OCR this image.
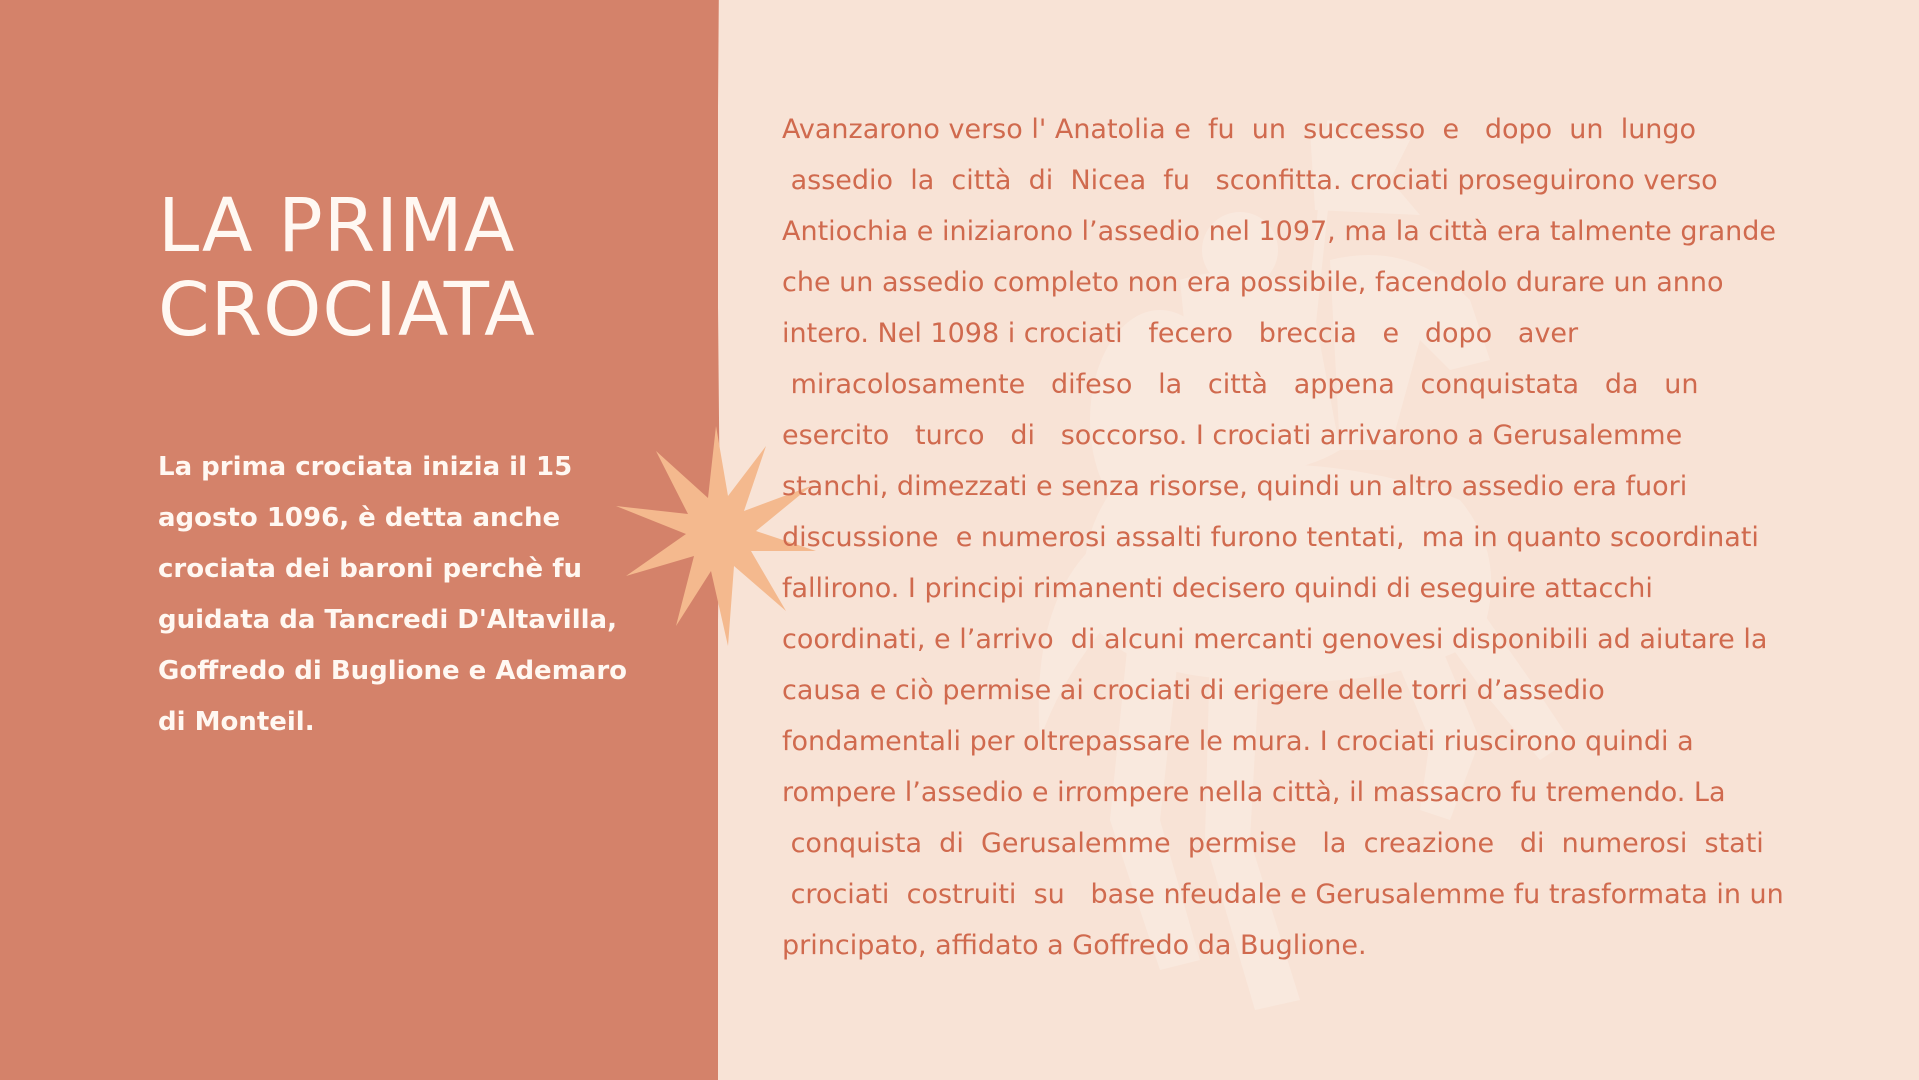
LA PRIMA
CROCIATA

La prima crociata inizia il 15
agosto 1096, è detta anche
crociata dei baroni perchè fu
guidata da Tancredi D'Altavilla,
Goffredo di Buglione e Ademaro
di Monteil.

Avanzarono verso l' Anatolia e  fu  un  successo  e   dopo  un  lungo
assedio  la  città  di  Nicea  fu   sconfitta. crociati proseguirono verso
Antiochia e iniziarono l’assedio nel 1097, ma la città era talmente grande
che un assedio completo non era possibile, facendolo durare un anno
intero. Nel 1098 i crociati   fecero   breccia   e   dopo   aver
miracolosamente   difeso   la   città   appena   conquistata   da   un
esercito   turco   di   soccorso. I crociati arrivarono a Gerusalemme
stanchi, dimezzati e senza risorse, quindi un altro assedio era fuori
discussione  e numerosi assalti furono tentati,  ma in quanto scoordinati
fallirono. I principi rimanenti decisero quindi di eseguire attacchi
coordinati, e l’arrivo  di alcuni mercanti genovesi disponibili ad aiutare la
causa e ciò permise ai crociati di erigere delle torri d’assedio
fondamentali per oltrepassare le mura. I crociati riuscirono quindi a
rompere l’assedio e irrompere nella città, il massacro fu tremendo. La
conquista  di  Gerusalemme  permise   la  creazione   di  numerosi  stati
crociati  costruiti  su   base nfeudale e Gerusalemme fu trasformata in un
principato, affidato a Goffredo da Buglione.
